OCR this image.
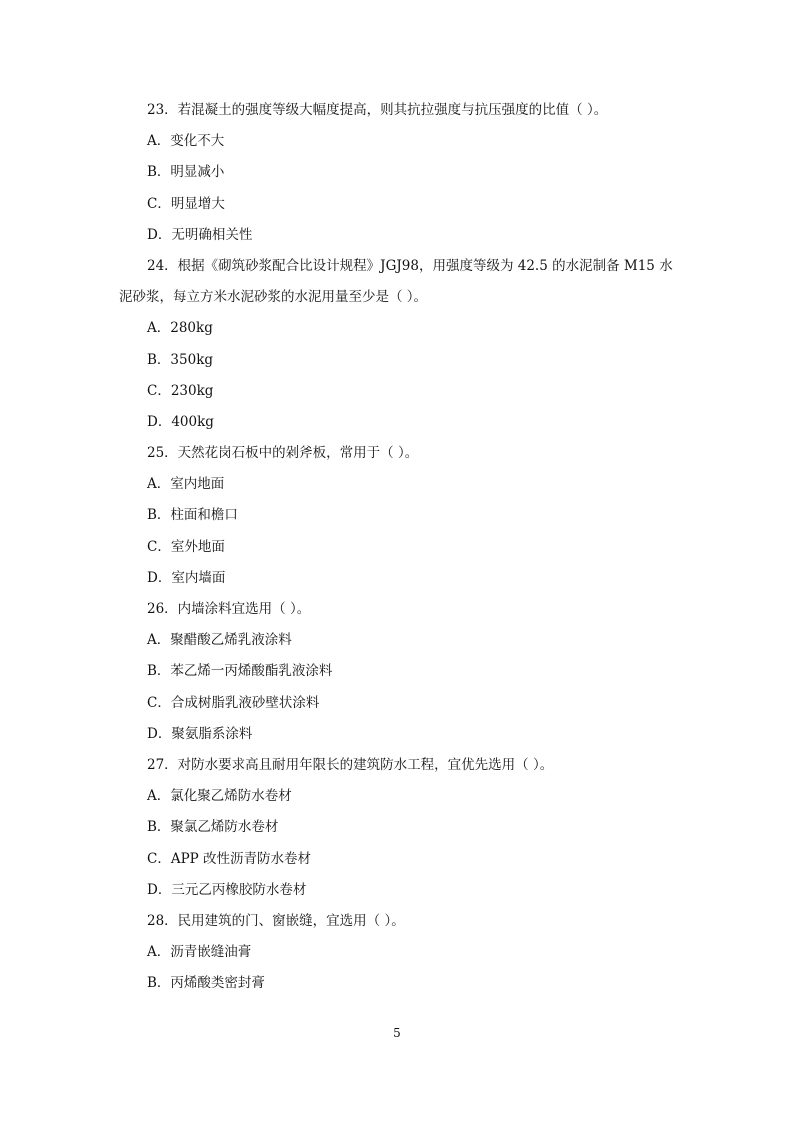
23．若混凝土的强度等级大幅度提高，则其抗拉强度与抗压强度的比值（ ）。
A．变化不大
B．明显减小
C．明显增大
D．无明确相关性
24．根据《砌筑砂浆配合比设计规程》JGJ98，用强度等级为 42.5 的水泥制备 M15 水
泥砂浆，每立方米水泥砂浆的水泥用量至少是（ ）。
A．280kg
B．350kg
C．230kg
D．400kg
25．天然花岗石板中的剁斧板，常用于（ ）。
A．室内地面
B．柱面和檐口
C．室外地面
D．室内墙面
26．内墙涂料宜选用（ ）。
A．聚醋酸乙烯乳液涂料
B．苯乙烯一丙烯酸酯乳液涂料
C．合成树脂乳液砂壁状涂料
D．聚氨脂系涂料
27．对防水要求高且耐用年限长的建筑防水工程，宜优先选用（ ）。
A．氯化聚乙烯防水卷材
B．聚氯乙烯防水卷材
C．APP 改性沥青防水卷材
D．三元乙丙橡胶防水卷材
28．民用建筑的门、窗嵌缝，宜选用（ ）。
A．沥青嵌缝油膏
B．丙烯酸类密封膏
5
